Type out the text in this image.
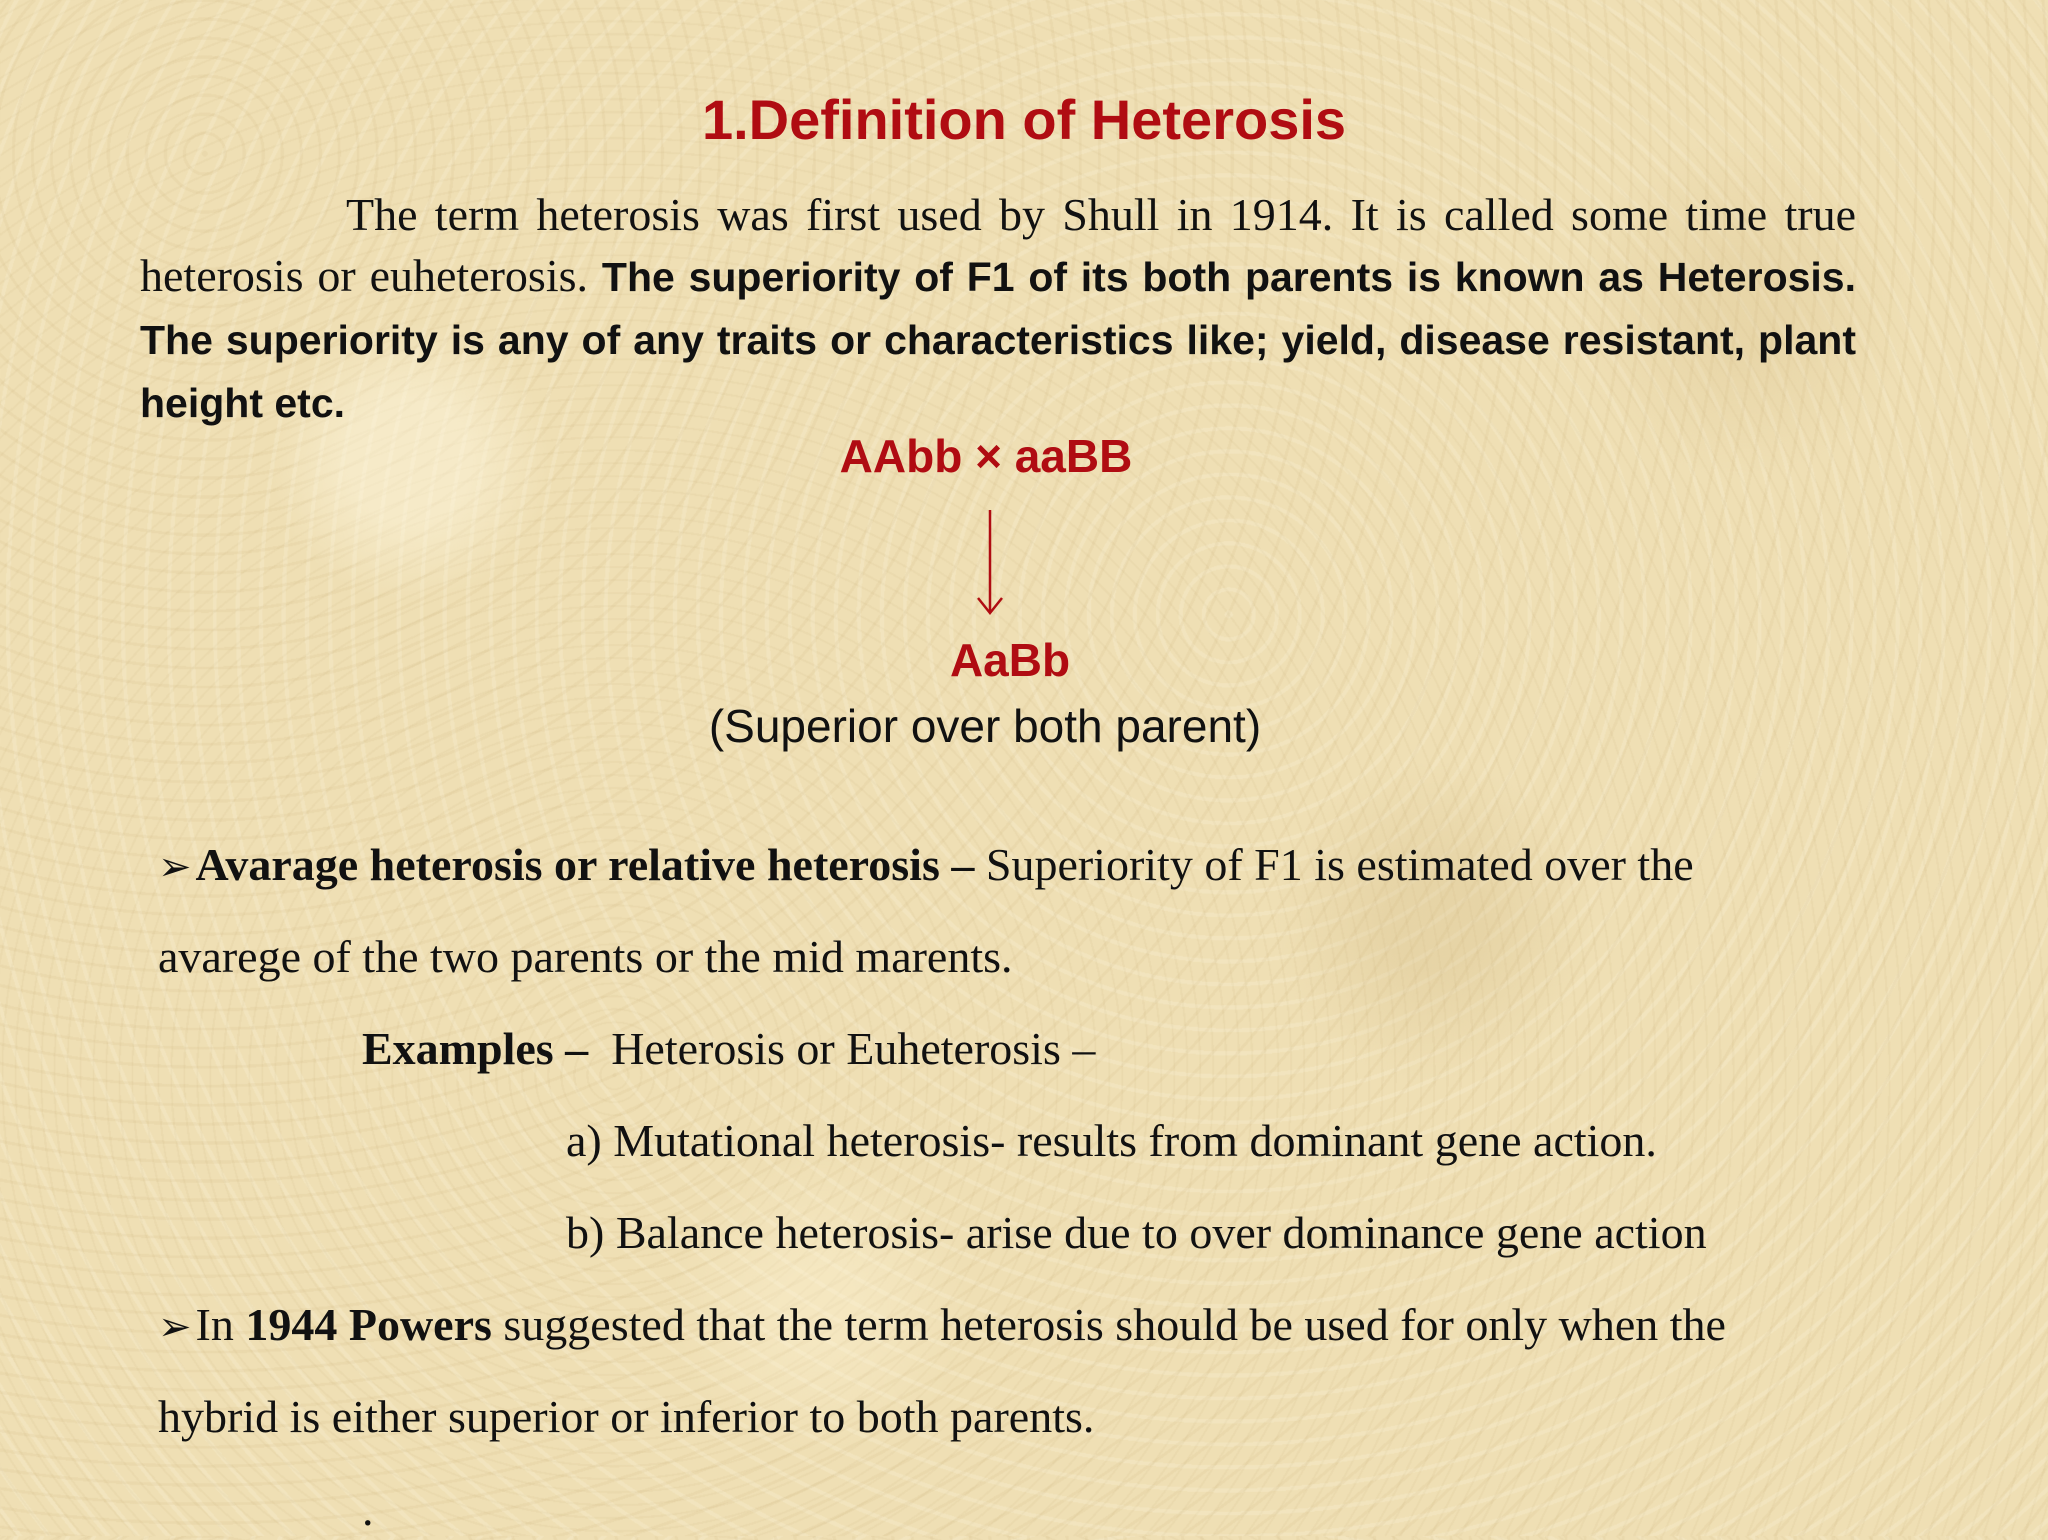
1.Definition of Heterosis

The term heterosis was first used by Shull in 1914. It is called some time true heterosis or euheterosis. The superiority of F1 of its both parents is known as Heterosis. The superiority is any of any traits or characteristics like; yield, disease resistant, plant height etc.

AAbb × aaBB
AaBb
(Superior over both parent)

➢Avarage heterosis or relative heterosis – Superiority of F1 is estimated over the

avarege of the two parents or the mid marents.

Examples –  Heterosis or Euheterosis –

a) Mutational heterosis- results from dominant gene action.

b) Balance heterosis- arise due to over dominance gene action

➢In 1944 Powers suggested that the term heterosis should be used for only when the

hybrid is either superior or inferior to both parents.

.
